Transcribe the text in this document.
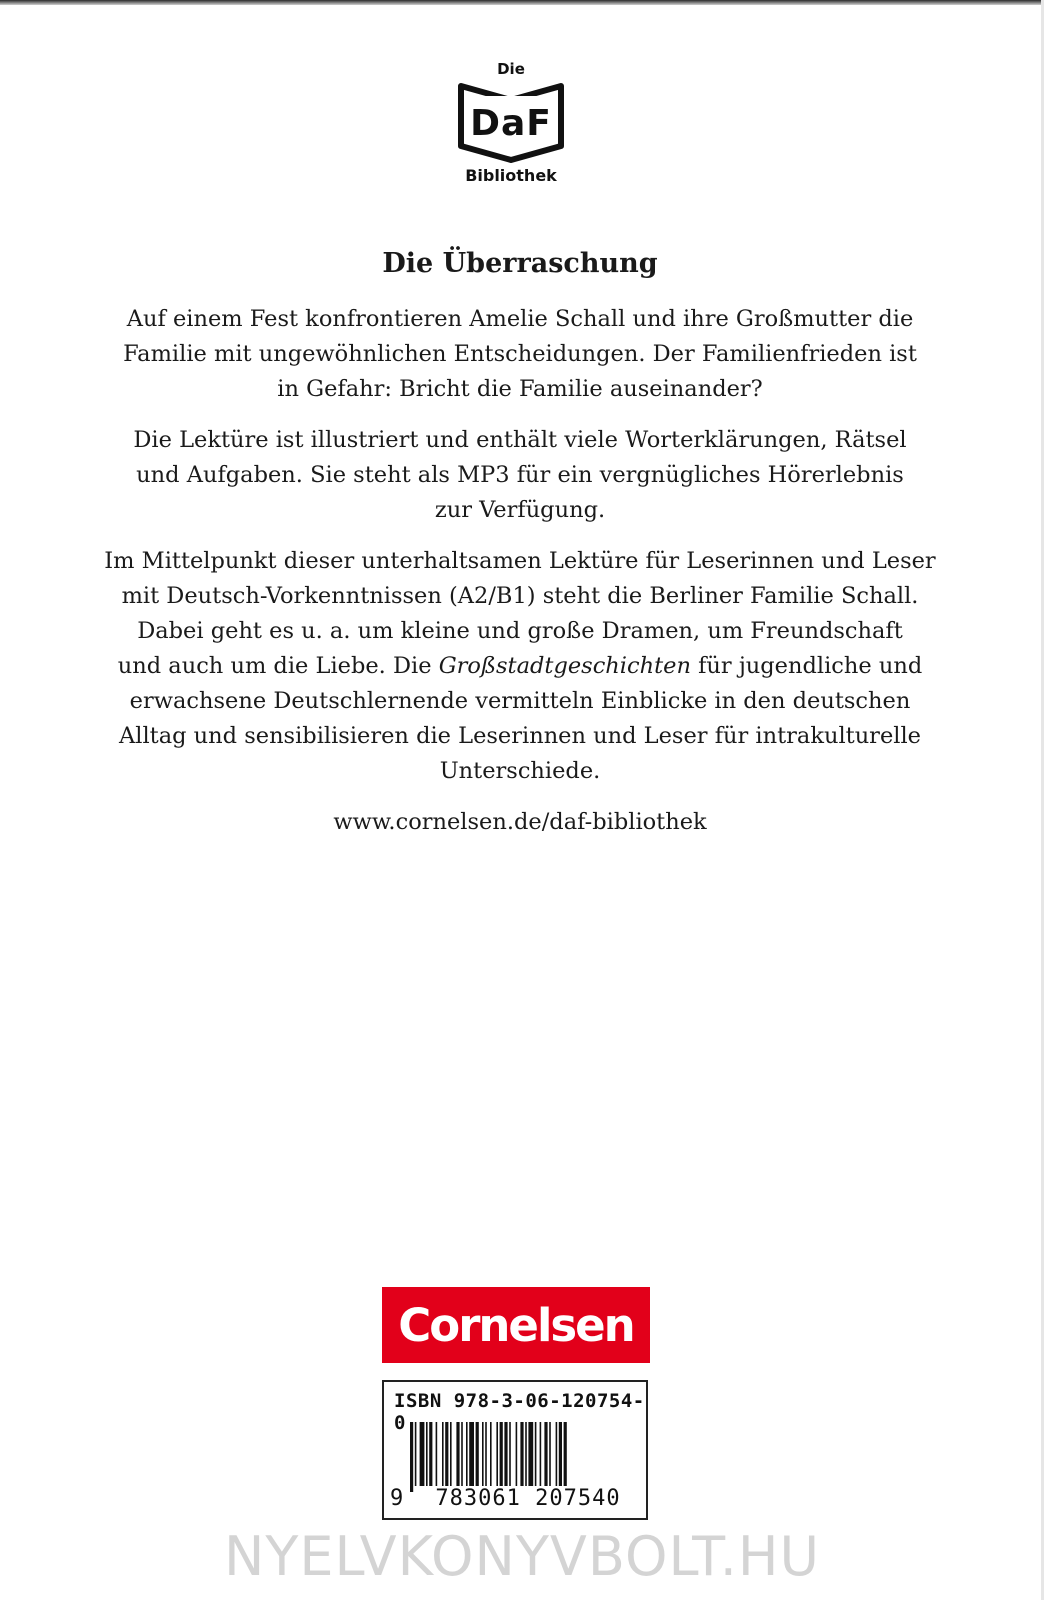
Die
DaF
Bibliothek
Die Überraschung

Auf einem Fest konfrontieren Amelie Schall und ihre Großmutter die
Familie mit ungewöhnlichen Entscheidungen. Der Familienfrieden ist
in Gefahr: Bricht die Familie auseinander?

Die Lektüre ist illustriert und enthält viele Worterklärungen, Rätsel
und Aufgaben. Sie steht als MP3 für ein vergnügliches Hörerlebnis
zur Verfügung.

Im Mittelpunkt dieser unterhaltsamen Lektüre für Leserinnen und Leser
mit Deutsch-Vorkenntnissen (A2/B1) steht die Berliner Familie Schall.
Dabei geht es u. a. um kleine und große Dramen, um Freundschaft
und auch um die Liebe. Die Großstadtgeschichten für jugendliche und
erwachsene Deutschlernende vermitteln Einblicke in den deutschen
Alltag und sensibilisieren die Leserinnen und Leser für intrakulturelle
Unterschiede.

www.cornelsen.de/daf-bibliothek
Cornelsen
ISBN 978-3-06-120754-0
9	783061 207540
NYELVKONYVBOLT.HU
